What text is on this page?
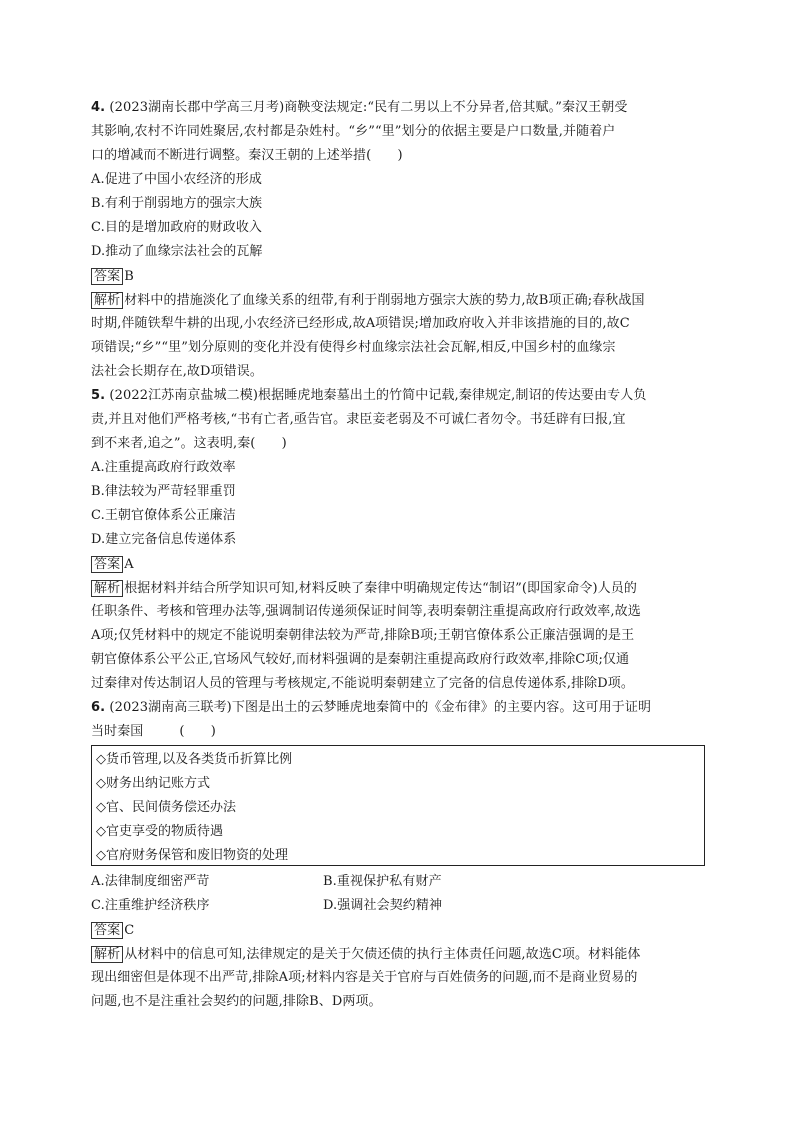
4. (2023湖南长郡中学高三月考)商鞅变法规定:“民有二男以上不分异者,倍其赋。”秦汉王朝受
其影响,农村不许同姓聚居,农村都是杂姓村。“乡”“里”划分的依据主要是户口数量,并随着户
口的增减而不断进行调整。秦汉王朝的上述举措(　　)
A.促进了中国小农经济的形成
B.有利于削弱地方的强宗大族
C.目的是增加政府的财政收入
D.推动了血缘宗法社会的瓦解
答案 B
解析 材料中的措施淡化了血缘关系的纽带,有利于削弱地方强宗大族的势力,故B项正确;春秋战国
时期,伴随铁犁牛耕的出现,小农经济已经形成,故A项错误;增加政府收入并非该措施的目的,故C
项错误;“乡”“里”划分原则的变化并没有使得乡村血缘宗法社会瓦解,相反,中国乡村的血缘宗
法社会长期存在,故D项错误。
5. (2022江苏南京盐城二模)根据睡虎地秦墓出土的竹简中记载,秦律规定,制诏的传达要由专人负
责,并且对他们严格考核,“书有亡者,亟告官。隶臣妾老弱及不可诚仁者勿令。书廷辟有曰报,宜
到不来者,追之”。这表明,秦(　　)
A.注重提高政府行政效率
B.律法较为严苛轻罪重罚
C.王朝官僚体系公正廉洁
D.建立完备信息传递体系
答案 A
解析 根据材料并结合所学知识可知,材料反映了秦律中明确规定传达“制诏”(即国家命令)人员的
任职条件、考核和管理办法等,强调制诏传递须保证时间等,表明秦朝注重提高政府行政效率,故选
A项;仅凭材料中的规定不能说明秦朝律法较为严苛,排除B项;王朝官僚体系公正廉洁强调的是王
朝官僚体系公平公正,官场风气较好,而材料强调的是秦朝注重提高政府行政效率,排除C项;仅通
过秦律对传达制诏人员的管理与考核规定,不能说明秦朝建立了完备的信息传递体系,排除D项。
6. (2023湖南高三联考)下图是出土的云梦睡虎地秦简中的《金布律》的主要内容。这可用于证明
当时秦国	(　　)
◇货币管理,以及各类货币折算比例
◇财务出纳记账方式
◇官、民间债务偿还办法
◇官吏享受的物质待遇
◇官府财务保管和废旧物资的处理
A.法律制度细密严苛	B.重视保护私有财产
C.注重维护经济秩序	D.强调社会契约精神
答案 C
解析 从材料中的信息可知,法律规定的是关于欠债还债的执行主体责任问题,故选C项。材料能体
现出细密但是体现不出严苛,排除A项;材料内容是关于官府与百姓债务的问题,而不是商业贸易的
问题,也不是注重社会契约的问题,排除B、D两项。
